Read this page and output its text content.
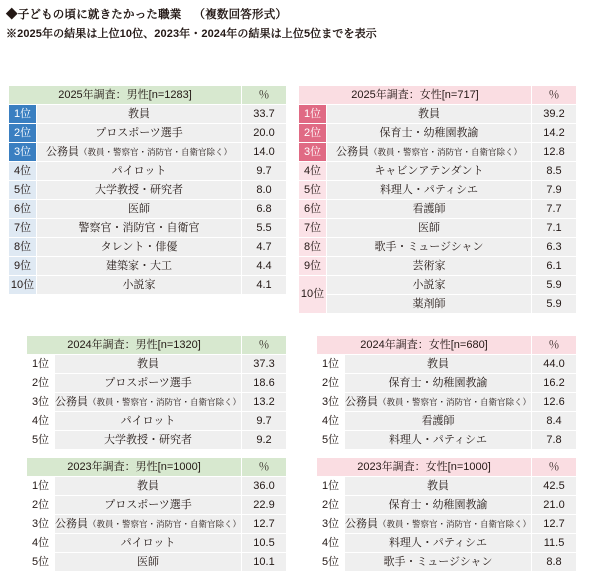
◆子どもの頃に就きたかった職業 （複数回答形式）
※2025年の結果は上位10位、2023年・2024年の結果は上位5位までを表示
2025年調査：男性[n=1283]		％
1位	教員	33.7
2位	プロスポーツ選手	20.0
3位	公務員（教員・警察官・消防官・自衛官除く）	14.0
4位	パイロット	9.7
5位	大学教授・研究者	8.0
6位	医師	6.8
7位	警察官・消防官・自衛官	5.5
8位	タレント・俳優	4.7
9位	建築家・大工	4.4
10位	小説家	4.1
2025年調査：女性[n=717]		％
1位	教員	39.2
2位	保育士・幼稚園教諭	14.2
3位	公務員（教員・警察官・消防官・自衛官除く）	12.8
4位	キャビンアテンダント	8.5
5位	料理人・パティシエ	7.9
6位	看護師	7.7
7位	医師	7.1
8位	歌手・ミュージシャン	6.3
9位	芸術家	6.1
10位	小説家	5.9
	薬剤師	5.9
2024年調査：男性[n=1320]		％
1位	教員	37.3
2位	プロスポーツ選手	18.6
3位	公務員（教員・警察官・消防官・自衛官除く）	13.2
4位	パイロット	9.7
5位	大学教授・研究者	9.2
2024年調査：女性[n=680]		％
1位	教員	44.0
2位	保育士・幼稚園教諭	16.2
3位	公務員（教員・警察官・消防官・自衛官除く）	12.6
4位	看護師	8.4
5位	料理人・パティシエ	7.8
2023年調査：男性[n=1000]		％
1位	教員	36.0
2位	プロスポーツ選手	22.9
3位	公務員（教員・警察官・消防官・自衛官除く）	12.7
4位	パイロット	10.5
5位	医師	10.1
2023年調査：女性[n=1000]		％
1位	教員	42.5
2位	保育士・幼稚園教諭	21.0
3位	公務員（教員・警察官・消防官・自衛官除く）	12.7
4位	料理人・パティシエ	11.5
5位	歌手・ミュージシャン	8.8
